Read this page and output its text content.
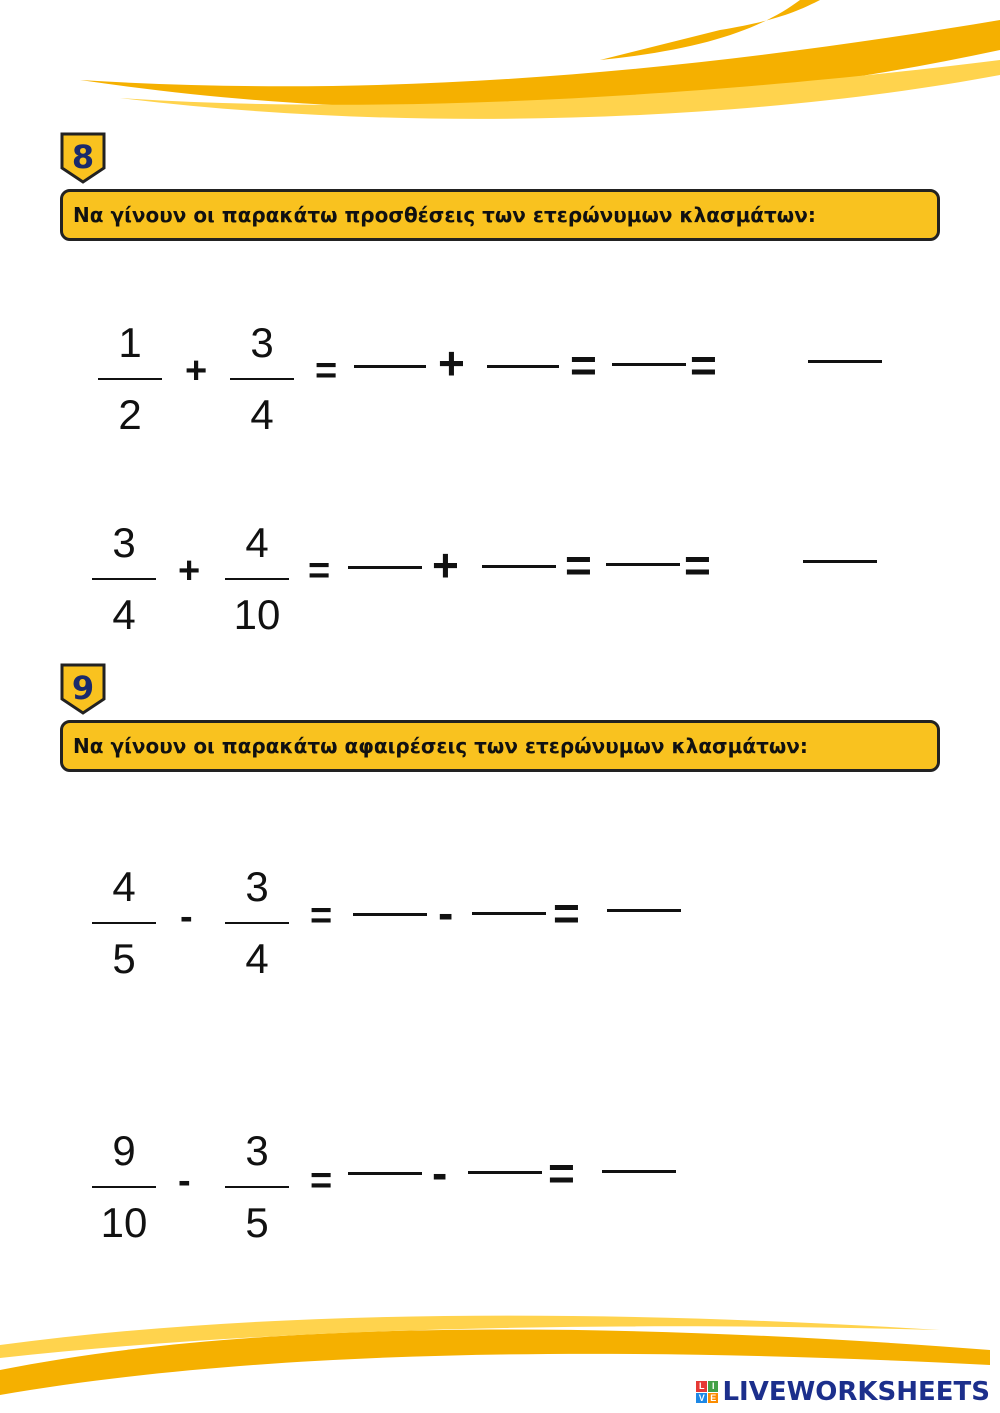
8
Να γίνουν οι παρακάτω προσθέσεις των ετερώνυμων κλασμάτων:
1
2
+
3
4
= + = =
3
4
+
4
10
= + = =
9
Να γίνουν οι παρακάτω αφαιρέσεις των ετερώνυμων κλασμάτων:
4
5
-
3
4
= - =
9
10
-
3
5
= - =
L I
V E LIVEWORKSHEETS
